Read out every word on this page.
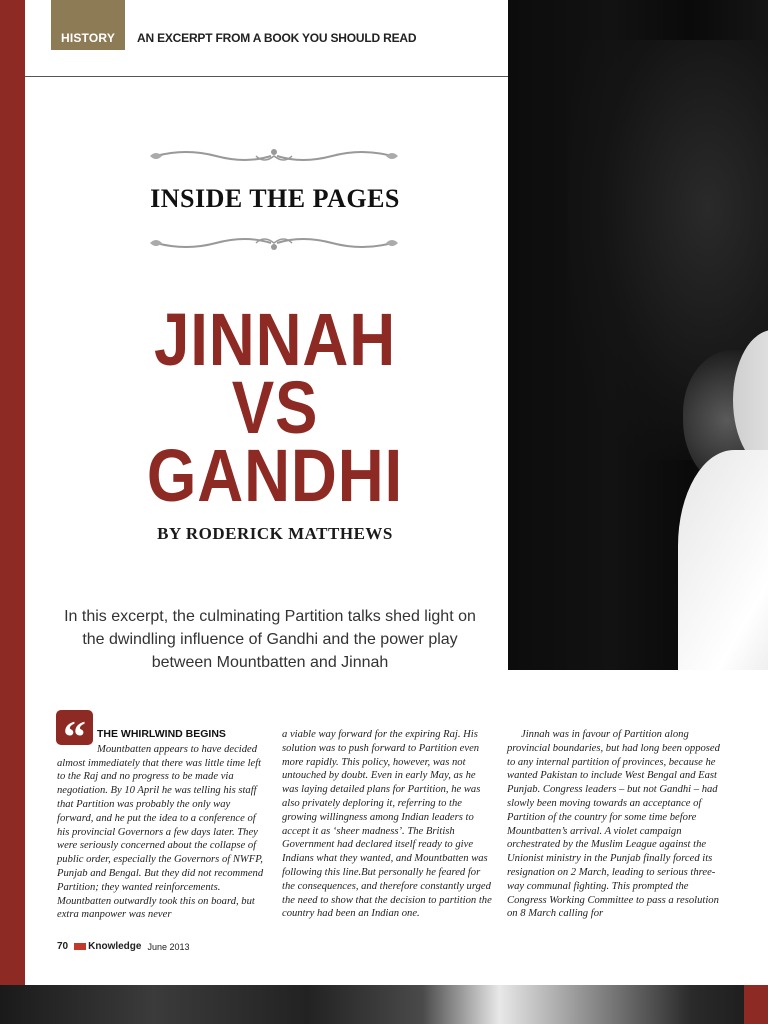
HISTORY AN EXCERPT FROM A BOOK YOU SHOULD READ
INSIDE THE PAGES
JINNAH
VS
GANDHI
BY RODERICK MATTHEWS
In this excerpt, the culminating Partition talks shed light on the dwindling influence of Gandhi and the power play between Mountbatten and Jinnah
“	THE WHIRLWIND BEGINS

Mountbatten appears to have decided almost immediately that there was little time left to the Raj and no progress to be made via negotiation. By 10 April he was telling his staff that Partition was probably the only way forward, and he put the idea to a conference of his provincial Governors a few days later. They were seriously concerned about the collapse of public order, especially the Governors of NWFP, Punjab and Bengal. But they did not recommend Partition; they wanted reinforcements. Mountbatten outwardly took this on board, but extra manpower was never

a viable way forward for the expiring Raj. His solution was to push forward to Partition even more rapidly. This policy, however, was not untouched by doubt. Even in early May, as he was laying detailed plans for Partition, he was also privately deploring it, referring to the growing willingness among Indian leaders to accept it as ‘sheer madness’. The British Government had declared itself ready to give Indians what they wanted, and Mountbatten was following this line.But personally he feared for the consequences, and therefore constantly urged the need to show that the decision to partition the country had been an Indian one.

Jinnah was in favour of Partition along provincial boundaries, but had long been opposed to any internal partition of provinces, because he wanted Pakistan to include West Bengal and East Punjab. Congress leaders – but not Gandhi – had slowly been moving towards an acceptance of Partition of the country for some time before Mountbatten’s arrival. A violet campaign orchestrated by the Muslim League against the Unionist ministry in the Punjab finally forced its resignation on 2 March, leading to serious three-way communal fighting. This prompted the Congress Working Committee to pass a resolution on 8 March calling for

70 Knowledge June 2013
